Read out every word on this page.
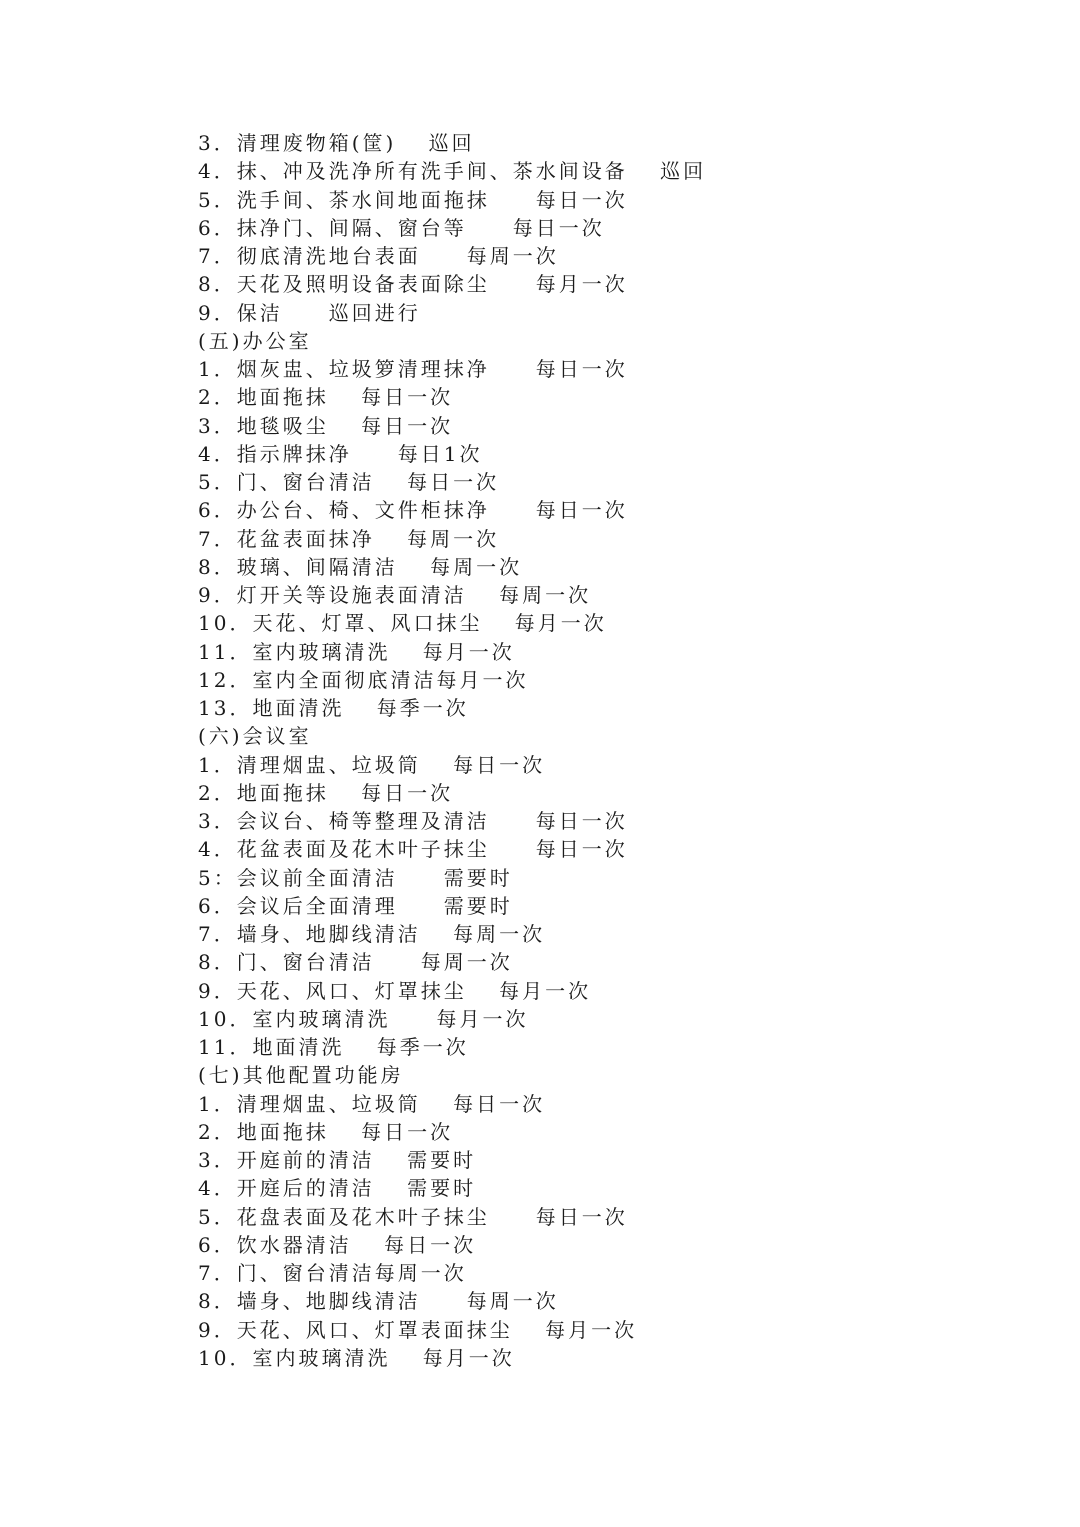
3．清理废物箱(筐)　 巡回
4．抹、冲及洗净所有洗手间、茶水间设备　 巡回
5．洗手间、茶水间地面拖抹　　每日一次
6．抹净门、间隔、窗台等　　每日一次
7．彻底清洗地台表面　　每周一次
8．天花及照明设备表面除尘　　每月一次
9．保洁　　巡回进行
(五)办公室
1．烟灰盅、垃圾箩清理抹净　　每日一次
2．地面拖抹　 每日一次
3．地毯吸尘　 每日一次
4．指示牌抹净　　每日1次
5．门、窗台清洁　 每日一次
6．办公台、椅、文件柜抹净　　每日一次
7．花盆表面抹净　 每周一次
8．玻璃、间隔清洁　 每周一次
9．灯开关等设施表面清洁　 每周一次
10．天花、灯罩、风口抹尘　 每月一次
11．室内玻璃清洗　 每月一次
12．室内全面彻底清洁每月一次
13．地面清洗　 每季一次
(六)会议室
1．清理烟盅、垃圾筒　 每日一次
2．地面拖抹　 每日一次
3．会议台、椅等整理及清洁　　每日一次
4．花盆表面及花木叶子抹尘　　每日一次
5：会议前全面清洁　　需要时
6．会议后全面清理　　需要时
7．墙身、地脚线清洁　 每周一次
8．门、窗台清洁　　每周一次
9．天花、风口、灯罩抹尘　 每月一次
10．室内玻璃清洗　　每月一次
11．地面清洗　 每季一次
(七)其他配置功能房
1．清理烟盅、垃圾筒　 每日一次
2．地面拖抹　 每日一次
3．开庭前的清洁　 需要时
4．开庭后的清洁　 需要时
5．花盘表面及花木叶子抹尘　　每日一次
6．饮水器清洁　 每日一次
7．门、窗台清洁每周一次
8．墙身、地脚线清洁　　每周一次
9．天花、风口、灯罩表面抹尘　 每月一次
10．室内玻璃清洗　 每月一次
